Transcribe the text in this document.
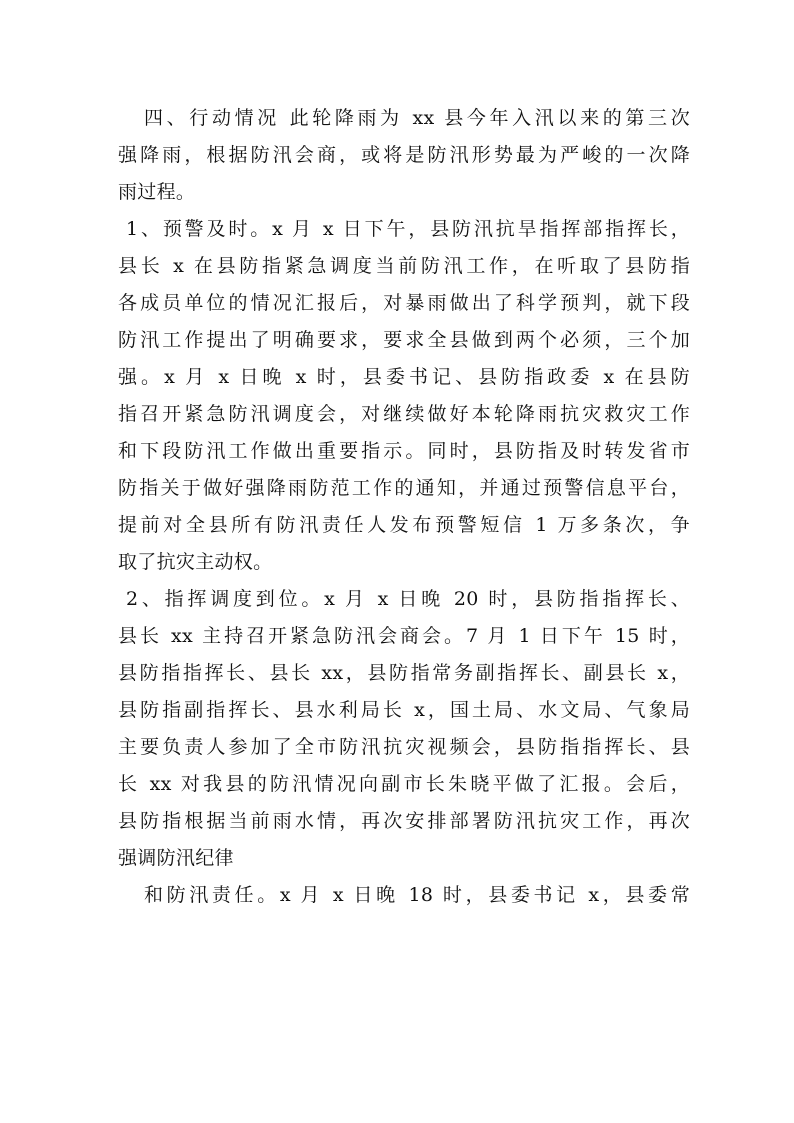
四、行动情况 此轮降雨为 xx 县今年入汛以来的第三次
强降雨，根据防汛会商，或将是防汛形势最为严峻的一次降
雨过程。
1、预警及时。x 月 x 日下午，县防汛抗旱指挥部指挥长，
县长 x 在县防指紧急调度当前防汛工作，在听取了县防指
各成员单位的情况汇报后，对暴雨做出了科学预判，就下段
防汛工作提出了明确要求，要求全县做到两个必须，三个加
强。x 月 x 日晚 x 时，县委书记、县防指政委 x 在县防
指召开紧急防汛调度会，对继续做好本轮降雨抗灾救灾工作
和下段防汛工作做出重要指示。同时，县防指及时转发省市
防指关于做好强降雨防范工作的通知，并通过预警信息平台，
提前对全县所有防汛责任人发布预警短信 1 万多条次，争
取了抗灾主动权。
2、指挥调度到位。x 月 x 日晚 20 时，县防指指挥长、
县长 xx 主持召开紧急防汛会商会。7 月 1 日下午 15 时，
县防指指挥长、县长 xx，县防指常务副指挥长、副县长 x，
县防指副指挥长、县水利局长 x，国土局、水文局、气象局
主要负责人参加了全市防汛抗灾视频会，县防指指挥长、县
长 xx 对我县的防汛情况向副市长朱晓平做了汇报。会后，
县防指根据当前雨水情，再次安排部署防汛抗灾工作，再次
强调防汛纪律
和防汛责任。x 月 x 日晚 18 时，县委书记 x，县委常
